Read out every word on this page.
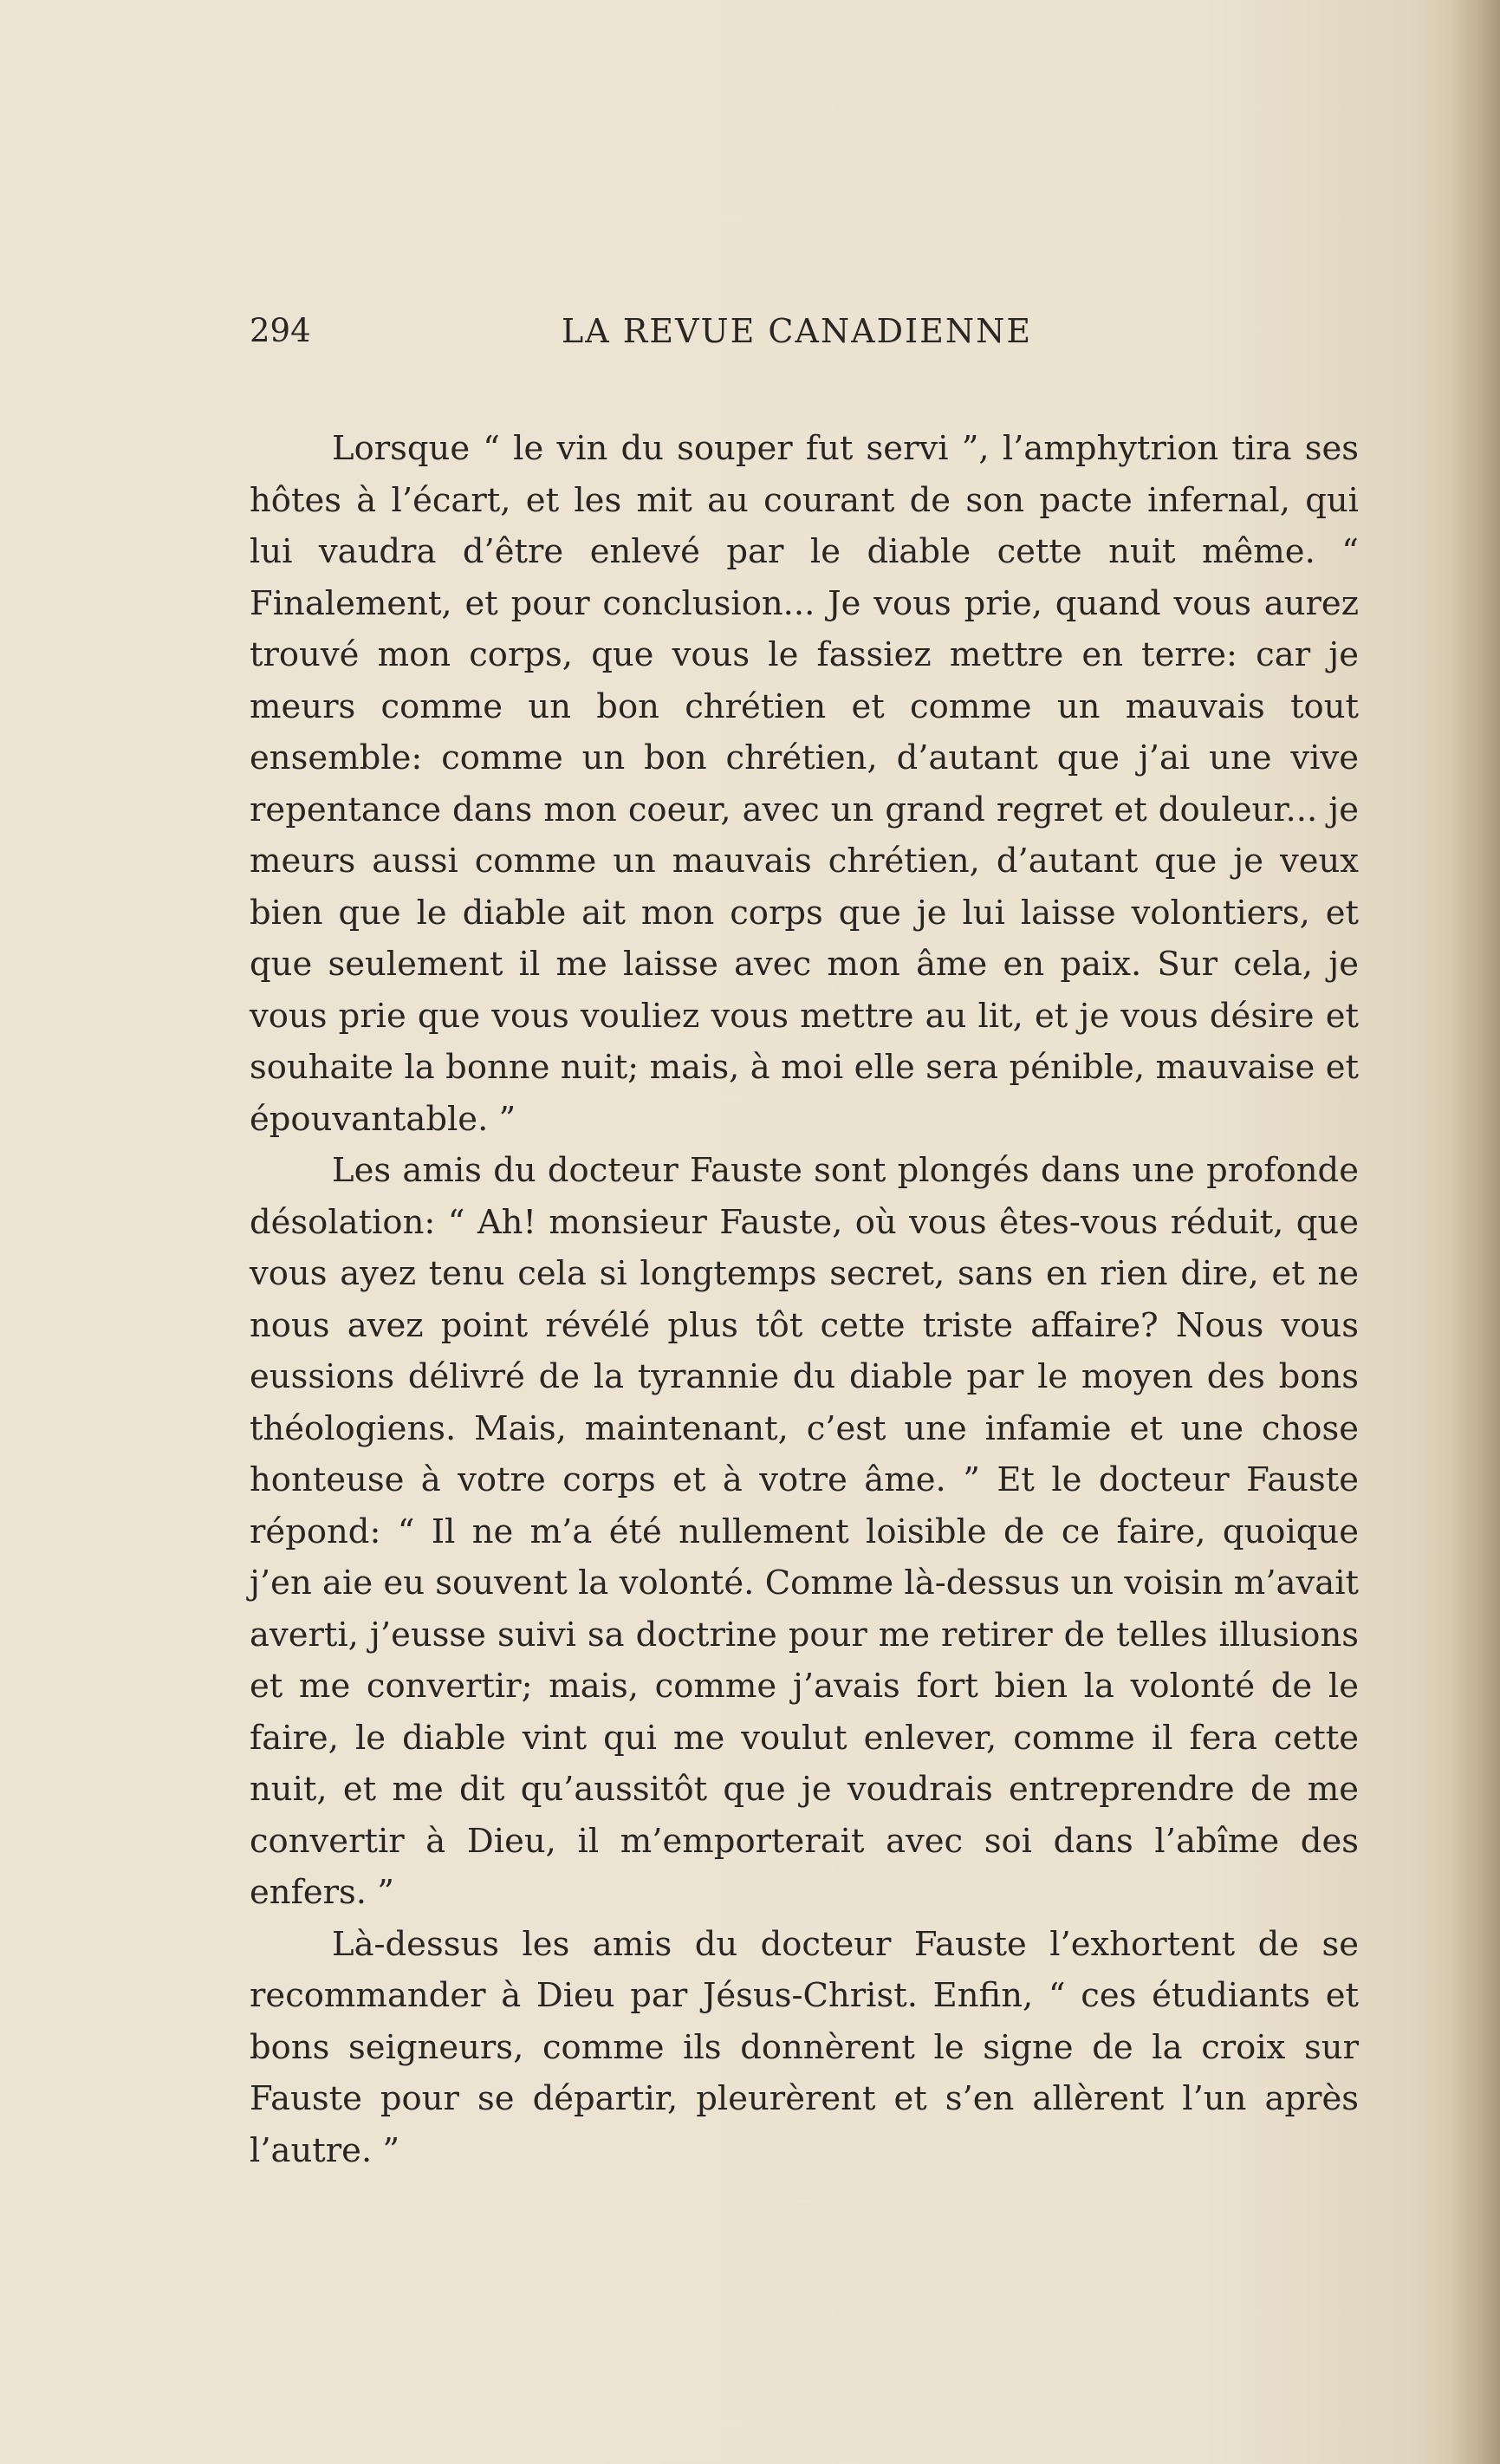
294	LA REVUE CANADIENNE

Lorsque “ le vin du souper fut servi ”, l’amphytrion tira ses hôtes à l’écart, et les mit au courant de son pacte infernal, qui lui vaudra d’être enlevé par le diable cette nuit même. “ Finalement, et pour conclusion... Je vous prie, quand vous aurez trouvé mon corps, que vous le fassiez mettre en terre: car je meurs comme un bon chrétien et comme un mauvais tout ensemble: comme un bon chrétien, d’autant que j’ai une vive repentance dans mon coeur, avec un grand regret et douleur... je meurs aussi comme un mauvais chrétien, d’autant que je veux bien que le diable ait mon corps que je lui laisse volontiers, et que seulement il me laisse avec mon âme en paix. Sur cela, je vous prie que vous vouliez vous mettre au lit, et je vous désire et souhaite la bonne nuit; mais, à moi elle sera pénible, mauvaise et épouvantable. ”

Les amis du docteur Fauste sont plongés dans une profonde désolation: “ Ah! monsieur Fauste, où vous êtes-vous réduit, que vous ayez tenu cela si longtemps secret, sans en rien dire, et ne nous avez point révélé plus tôt cette triste affaire? Nous vous eussions délivré de la tyrannie du diable par le moyen des bons théologiens. Mais, maintenant, c’est une infamie et une chose honteuse à votre corps et à votre âme. ” Et le docteur Fauste répond: “ Il ne m’a été nullement loisible de ce faire, quoique j’en aie eu souvent la volonté. Comme là-dessus un voisin m’avait averti, j’eusse suivi sa doctrine pour me retirer de telles illusions et me convertir; mais, comme j’avais fort bien la volonté de le faire, le diable vint qui me voulut enlever, comme il fera cette nuit, et me dit qu’aussitôt que je voudrais entreprendre de me convertir à Dieu, il m’emporterait avec soi dans l’abîme des enfers. ”

Là-dessus les amis du docteur Fauste l’exhortent de se recommander à Dieu par Jésus-Christ. Enfin, “ ces étudiants et bons seigneurs, comme ils donnèrent le signe de la croix sur Fauste pour se départir, pleurèrent et s’en allèrent l’un après l’autre. ”
